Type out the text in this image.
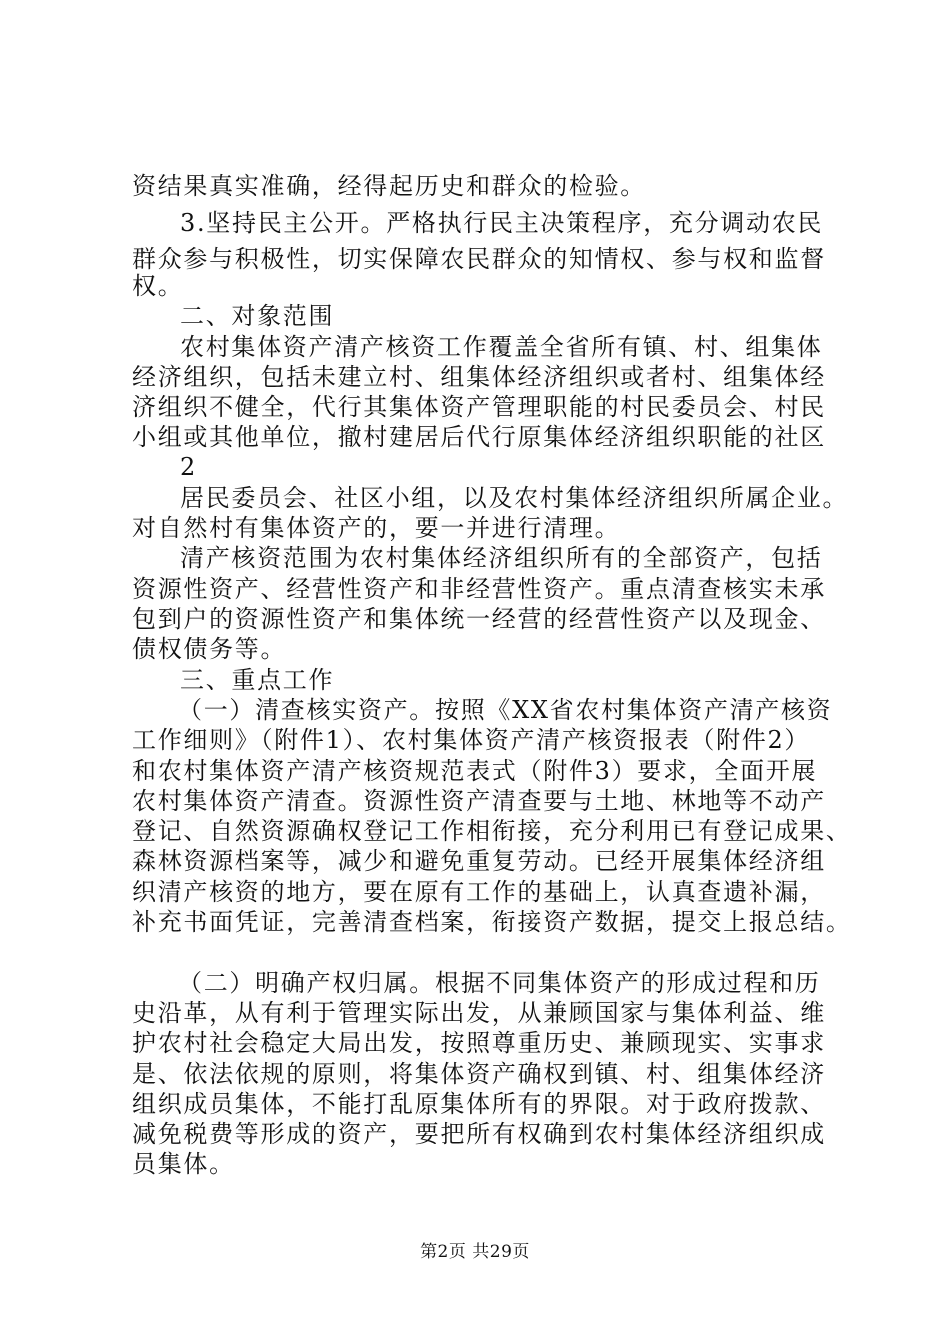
资结果真实准确，经得起历史和群众的检验。
3.坚持民主公开。严格执行民主决策程序，充分调动农民
群众参与积极性，切实保障农民群众的知情权、参与权和监督
权。
二、对象范围
农村集体资产清产核资工作覆盖全省所有镇、村、组集体
经济组织，包括未建立村、组集体经济组织或者村、组集体经
济组织不健全，代行其集体资产管理职能的村民委员会、村民
小组或其他单位，撤村建居后代行原集体经济组织职能的社区
2
居民委员会、社区小组，以及农村集体经济组织所属企业。
对自然村有集体资产的，要一并进行清理。
清产核资范围为农村集体经济组织所有的全部资产，包括
资源性资产、经营性资产和非经营性资产。重点清查核实未承
包到户的资源性资产和集体统一经营的经营性资产以及现金、
债权债务等。
三、重点工作
（一）清查核实资产。按照《XX省农村集体资产清产核资
工作细则》（附件1）、农村集体资产清产核资报表（附件2）
和农村集体资产清产核资规范表式（附件3）要求，全面开展
农村集体资产清查。资源性资产清查要与土地、林地等不动产
登记、自然资源确权登记工作相衔接，充分利用已有登记成果、
森林资源档案等，减少和避免重复劳动。已经开展集体经济组
织清产核资的地方，要在原有工作的基础上，认真查遗补漏，
补充书面凭证，完善清查档案，衔接资产数据，提交上报总结。
（二）明确产权归属。根据不同集体资产的形成过程和历
史沿革，从有利于管理实际出发，从兼顾国家与集体利益、维
护农村社会稳定大局出发，按照尊重历史、兼顾现实、实事求
是、依法依规的原则，将集体资产确权到镇、村、组集体经济
组织成员集体，不能打乱原集体所有的界限。对于政府拨款、
减免税费等形成的资产，要把所有权确到农村集体经济组织成
员集体。
第2页 共29页
